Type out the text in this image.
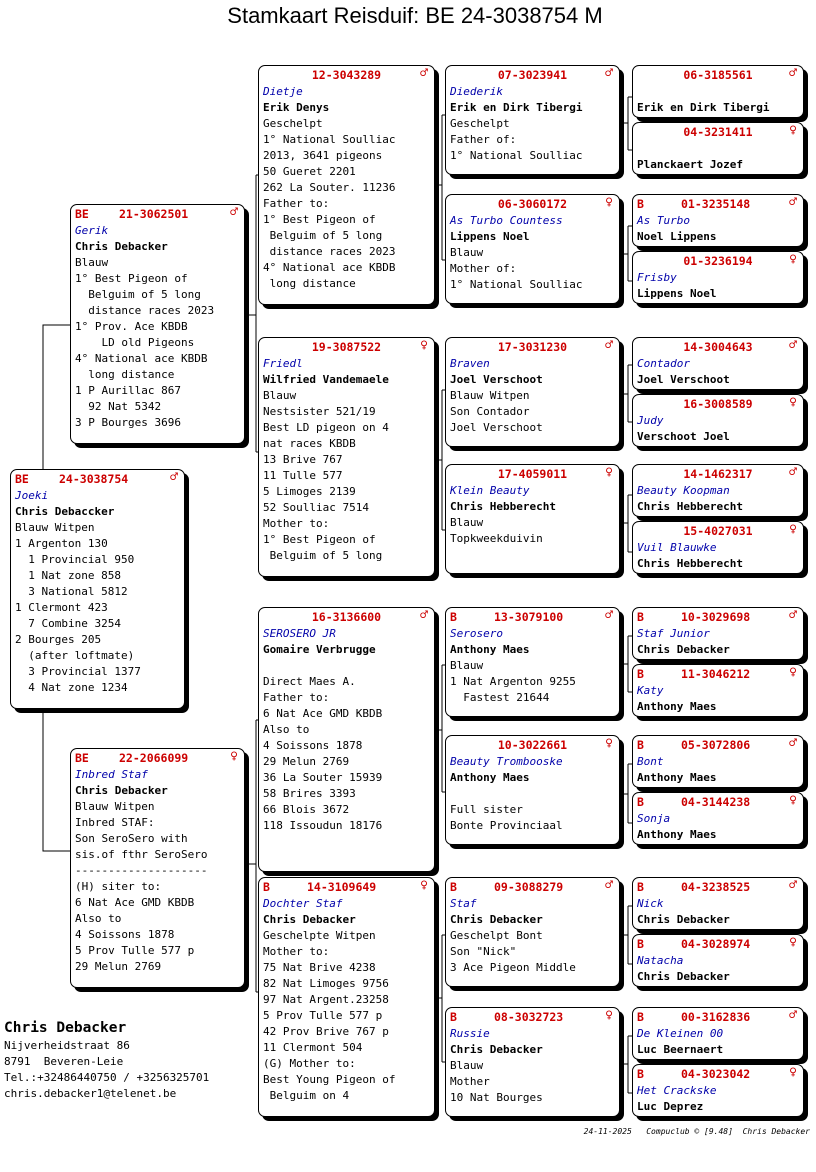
Stamkaart Reisduif: BE 24-3038754 M
BE	24-3038754	♂
Joeki
Chris Debaccker
Blauw Witpen
1 Argenton 130
1 Provincial 950
1 Nat zone 858
3 National 5812
1 Clermont 423
7 Combine 3254
2 Bourges 205
(after loftmate)
3 Provincial 1377
4 Nat zone 1234
BE	21-3062501	♂
Gerik
Chris Debacker
Blauw
1° Best Pigeon of
Belguim of 5 long
distance races 2023
1° Prov. Ace KBDB
LD old Pigeons
4° National ace KBDB
long distance
1 P Aurillac 867
92 Nat 5342
3 P Bourges 3696
BE	22-2066099	♀
Inbred Staf
Chris Debacker
Blauw Witpen
Inbred STAF:
Son SeroSero with
sis.of fthr SeroSero
--------------------
(H) siter to:
6 Nat Ace GMD KBDB
Also to
4 Soissons 1878
5 Prov Tulle 577 p
29 Melun 2769
12-3043289	♂
Dietje
Erik Denys
Geschelpt
1° National Soulliac
2013, 3641 pigeons
50 Gueret 2201
262 La Souter. 11236
Father to:
1° Best Pigeon of
Belguim of 5 long
distance races 2023
4° National ace KBDB
long distance
19-3087522	♀
Friedl
Wilfried Vandemaele
Blauw
Nestsister 521/19
Best LD pigeon on 4
nat races KBDB
13 Brive 767
11 Tulle 577
5 Limoges 2139
52 Soulliac 7514
Mother to:
1° Best Pigeon of
Belguim of 5 long
16-3136600	♂
SEROSERO JR
Gomaire Verbrugge
Direct Maes A.
Father to:
6 Nat Ace GMD KBDB
Also to
4 Soissons 1878
29 Melun 2769
36 La Souter 15939
58 Brires 3393
66 Blois 3672
118 Issoudun 18176
B	14-3109649	♀
Dochter Staf
Chris Debacker
Geschelpte Witpen
Mother to:
75 Nat Brive 4238
82 Nat Limoges 9756
97 Nat Argent.23258
5 Prov Tulle 577 p
42 Prov Brive 767 p
11 Clermont 504
(G) Mother to:
Best Young Pigeon of
Belguim on 4
07-3023941	♂
Diederik
Erik en Dirk Tibergi
Geschelpt
Father of:
1° National Soulliac
06-3060172	♀
As Turbo Countess
Lippens Noel
Blauw
Mother of:
1° National Soulliac
17-3031230	♂
Braven
Joel Verschoot
Blauw Witpen
Son Contador
Joel Verschoot
17-4059011	♀
Klein Beauty
Chris Hebberecht
Blauw
Topkweekduivin
B	13-3079100	♂
Serosero
Anthony Maes
Blauw
1 Nat Argenton 9255
Fastest 21644
10-3022661	♀
Beauty Trombooske
Anthony Maes
Full sister
Bonte Provinciaal
B	09-3088279	♂
Staf
Chris Debacker
Geschelpt Bont
Son "Nick"
3 Ace Pigeon Middle
B	08-3032723	♀
Russie
Chris Debacker
Blauw
Mother
10 Nat Bourges
06-3185561	♂
Erik en Dirk Tibergi
04-3231411	♀
Planckaert Jozef
B	01-3235148	♂
As Turbo
Noel Lippens
01-3236194	♀
Frisby
Lippens Noel
14-3004643	♂
Contador
Joel Verschoot
16-3008589	♀
Judy
Verschoot Joel
14-1462317	♂
Beauty Koopman
Chris Hebberecht
15-4027031	♀
Vuil Blauwke
Chris Hebberecht
B	10-3029698	♂
Staf Junior
Chris Debacker
B	11-3046212	♀
Katy
Anthony Maes
B	05-3072806	♂
Bont
Anthony Maes
B	04-3144238	♀
Sonja
Anthony Maes
B	04-3238525	♂
Nick
Chris Debacker
B	04-3028974	♀
Natacha
Chris Debacker
B	00-3162836	♂
De Kleinen 00
Luc Beernaert
B	04-3023042	♀
Het Crackske
Luc Deprez
Chris Debacker
Nijverheidstraat 86
8791  Beveren-Leie
Tel.:+32486440750 / +3256325701
chris.debacker1@telenet.be
24-11-2025   Compuclub © [9.48]  Chris Debacker
